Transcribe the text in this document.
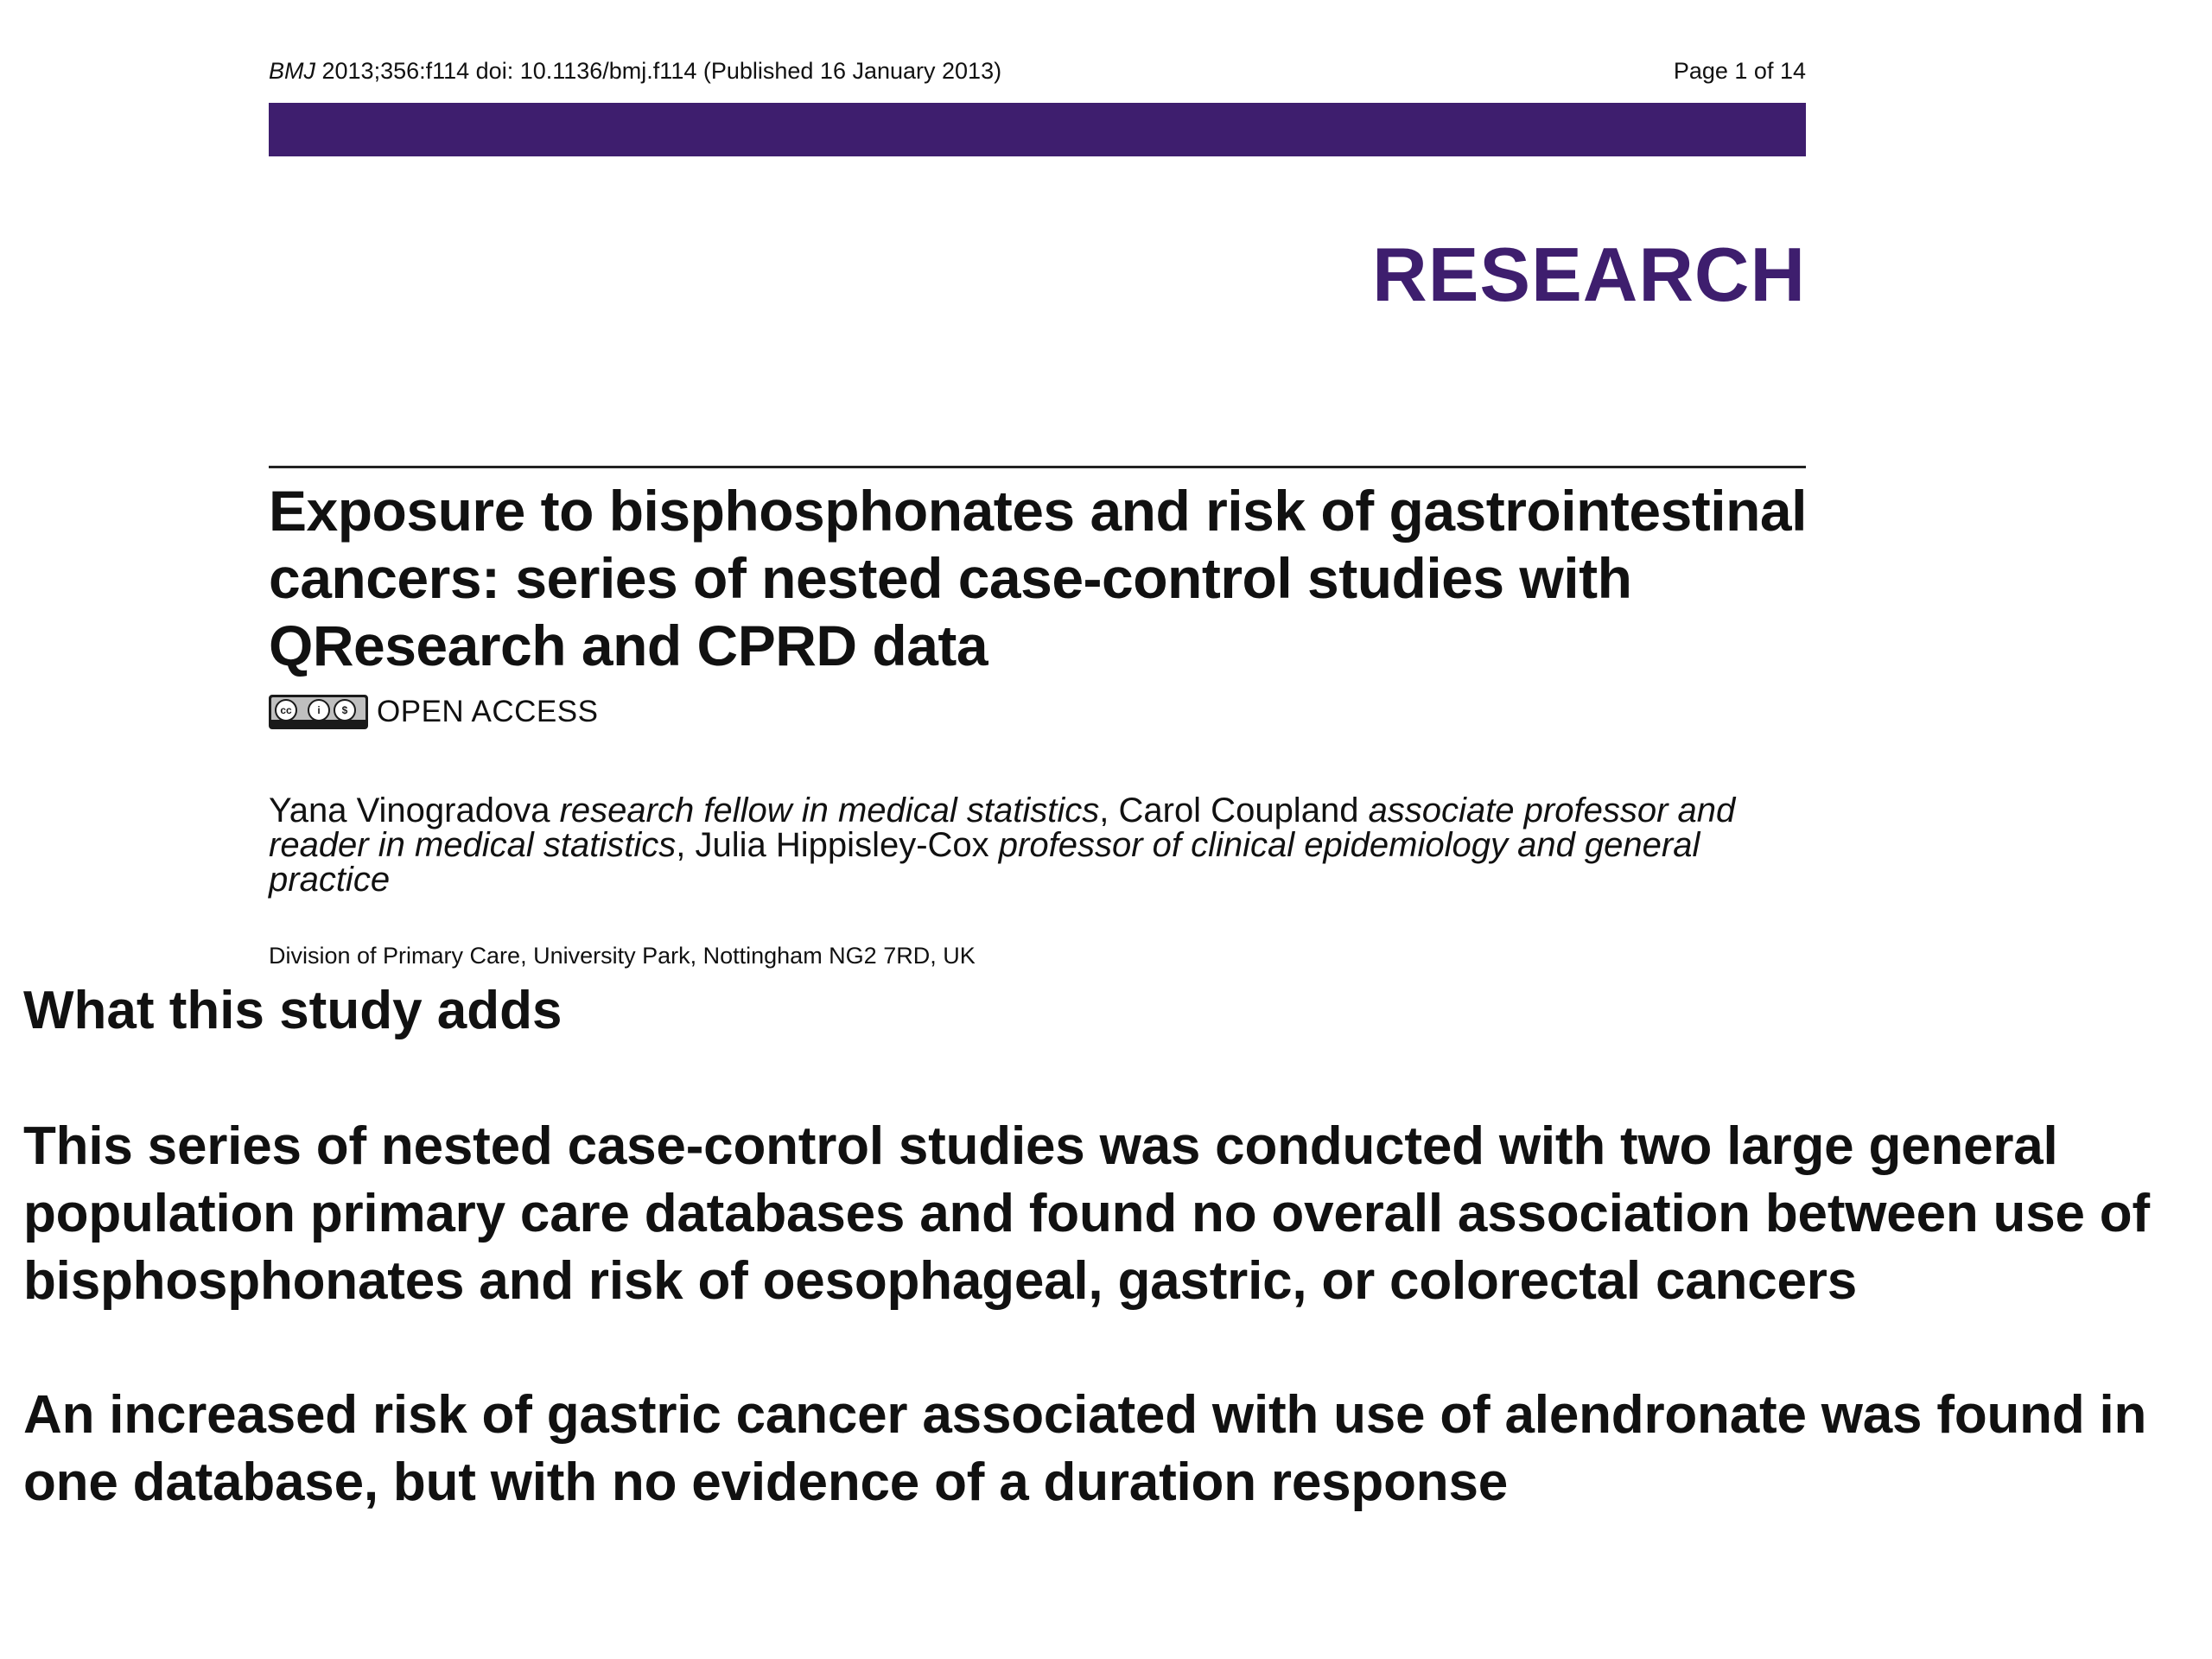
BMJ 2013;356:f114 doi: 10.1136/bmj.f114 (Published 16 January 2013)	Page 1 of 14
RESEARCH
Exposure to bisphosphonates and risk of gastrointestinal cancers: series of nested case-control studies with QResearch and CPRD data
cc	i	$ OPEN ACCESS

Yana Vinogradova research fellow in medical statistics, Carol Coupland associate professor and reader in medical statistics, Julia Hippisley-Cox professor of clinical epidemiology and general practice

Division of Primary Care, University Park, Nottingham NG2 7RD, UK
What this study adds

This series of nested case-control studies was conducted with two large general population primary care databases and found no overall association between use of bisphosphonates and risk of oesophageal, gastric, or colorectal cancers

An increased risk of gastric cancer associated with use of alendronate was found in one database, but with no evidence of a duration response
